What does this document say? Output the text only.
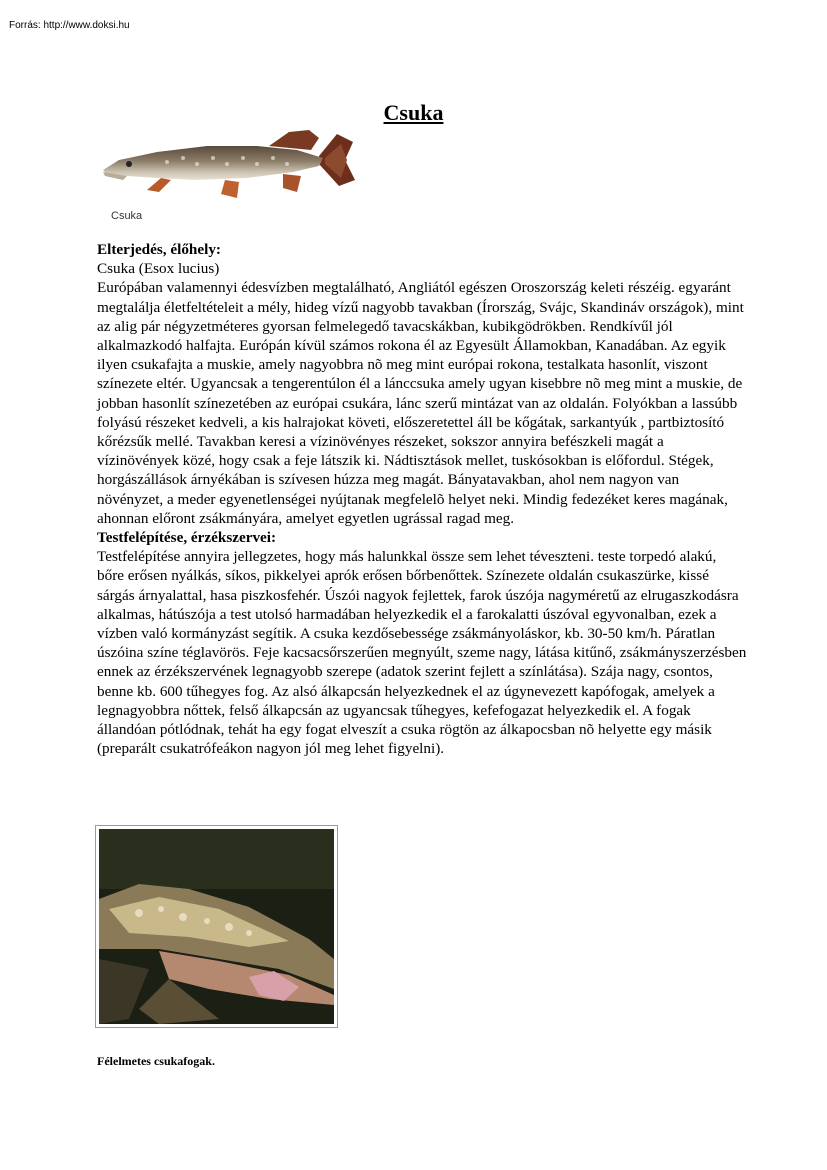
Forrás: http://www.doksi.hu
Csuka
Csuka
Elterjedés, élőhely:

Csuka (Esox lucius)

Európában valamennyi édesvízben megtalálható, Angliától egészen Oroszország keleti részéig. egyaránt megtalálja életfeltételeit a mély, hideg vízű nagyobb tavakban (Írország, Svájc, Skandináv országok), mint az alig pár négyzetméteres gyorsan felmelegedő tavacskákban, kubikgödrökben. Rendkívűl jól alkalmazkodó halfajta. Európán kívül számos rokona él az Egyesült Államokban, Kanadában. Az egyik ilyen csukafajta a muskie, amely nagyobbra nõ meg mint európai rokona, testalkata hasonlít, viszont színezete eltér. Ugyancsak a tengerentúlon él a lánccsuka amely ugyan kisebbre nõ meg mint a muskie, de jobban hasonlít színezetében az európai csukára, lánc szerű mintázat van az oldalán. Folyókban a lassúbb folyású részeket kedveli, a kis halrajokat követi, előszeretettel áll be kőgátak, sarkantyúk , partbiztosító kőrézsűk mellé. Tavakban keresi a vízinövényes részeket, sokszor annyira befészkeli magát a vízinövények közé, hogy csak a feje látszik ki. Nádtisztások mellet, tuskósokban is előfordul. Stégek, horgászállások árnyékában is szívesen húzza meg magát. Bányatavakban, ahol nem nagyon van növényzet, a meder egyenetlenségei nyújtanak megfelelõ helyet neki. Mindig fedezéket keres magának, ahonnan előront zsákmányára, amelyet egyetlen ugrással ragad meg.

Testfelépítése, érzékszervei:

Testfelépítése annyira jellegzetes, hogy más halunkkal össze sem lehet téveszteni. teste torpedó alakú, bőre erősen nyálkás, síkos, pikkelyei aprók erősen bőrbenőttek. Színezete oldalán csukaszürke, kissé sárgás árnyalattal, hasa piszkosfehér. Úszói nagyok fejlettek, farok úszója nagyméretű az elrugaszkodásra alkalmas, hátúszója a test utolsó harmadában helyezkedik el a farokalatti úszóval egyvonalban, ezek a vízben való kormányzást segítik. A csuka kezdősebessége zsákmányoláskor, kb. 30-50 km/h. Páratlan úszóina színe téglavörös. Feje kacsacsőrszerűen megnyúlt, szeme nagy, látása kitűnő, zsákmányszerzésben ennek az érzékszervének legnagyobb szerepe (adatok szerint fejlett a színlátása). Szája nagy, csontos, benne kb. 600 tűhegyes fog. Az alsó álkapcsán helyezkednek el az úgynevezett kapófogak, amelyek a legnagyobbra nőttek, felső álkapcsán az ugyancsak tűhegyes, kefefogazat helyezkedik el. A fogak állandóan pótlódnak, tehát ha egy fogat elveszít a csuka rögtön az álkapocsban nõ helyette egy másik (preparált csukatrófeákon nagyon jól meg lehet figyelni).

Félelmetes csukafogak.
